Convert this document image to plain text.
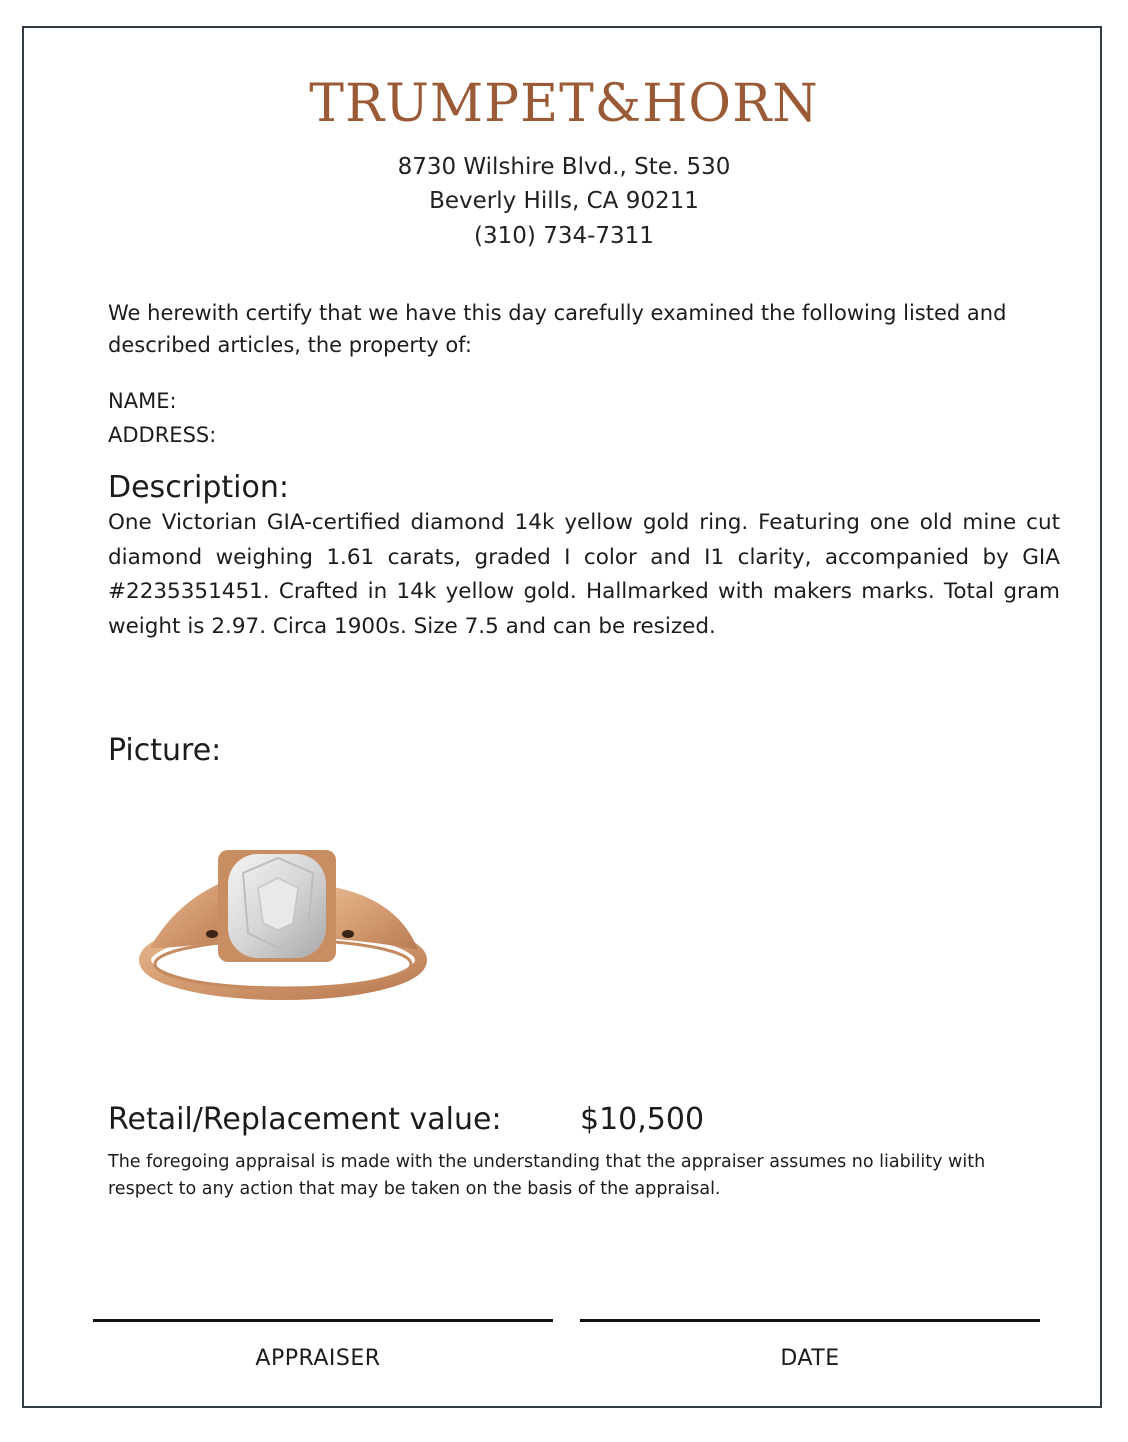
TRUMPET&HORN
8730 Wilshire Blvd., Ste. 530
Beverly Hills, CA 90211
(310) 734-7311
We herewith certify that we have this day carefully examined the following listed and described articles, the property of:
NAME:
ADDRESS:
Description:
One Victorian GIA-certified diamond 14k yellow gold ring. Featuring one old mine cut diamond weighing 1.61 carats, graded I color and I1 clarity, accompanied by GIA #2235351451. Crafted in 14k yellow gold. Hallmarked with makers marks. Total gram weight is 2.97. Circa 1900s. Size 7.5 and can be resized.
Picture:
Retail/Replacement value:	$10,500
The foregoing appraisal is made with the understanding that the appraiser assumes no liability with respect to any action that may be taken on the basis of the appraisal.
APPRAISER	DATE
